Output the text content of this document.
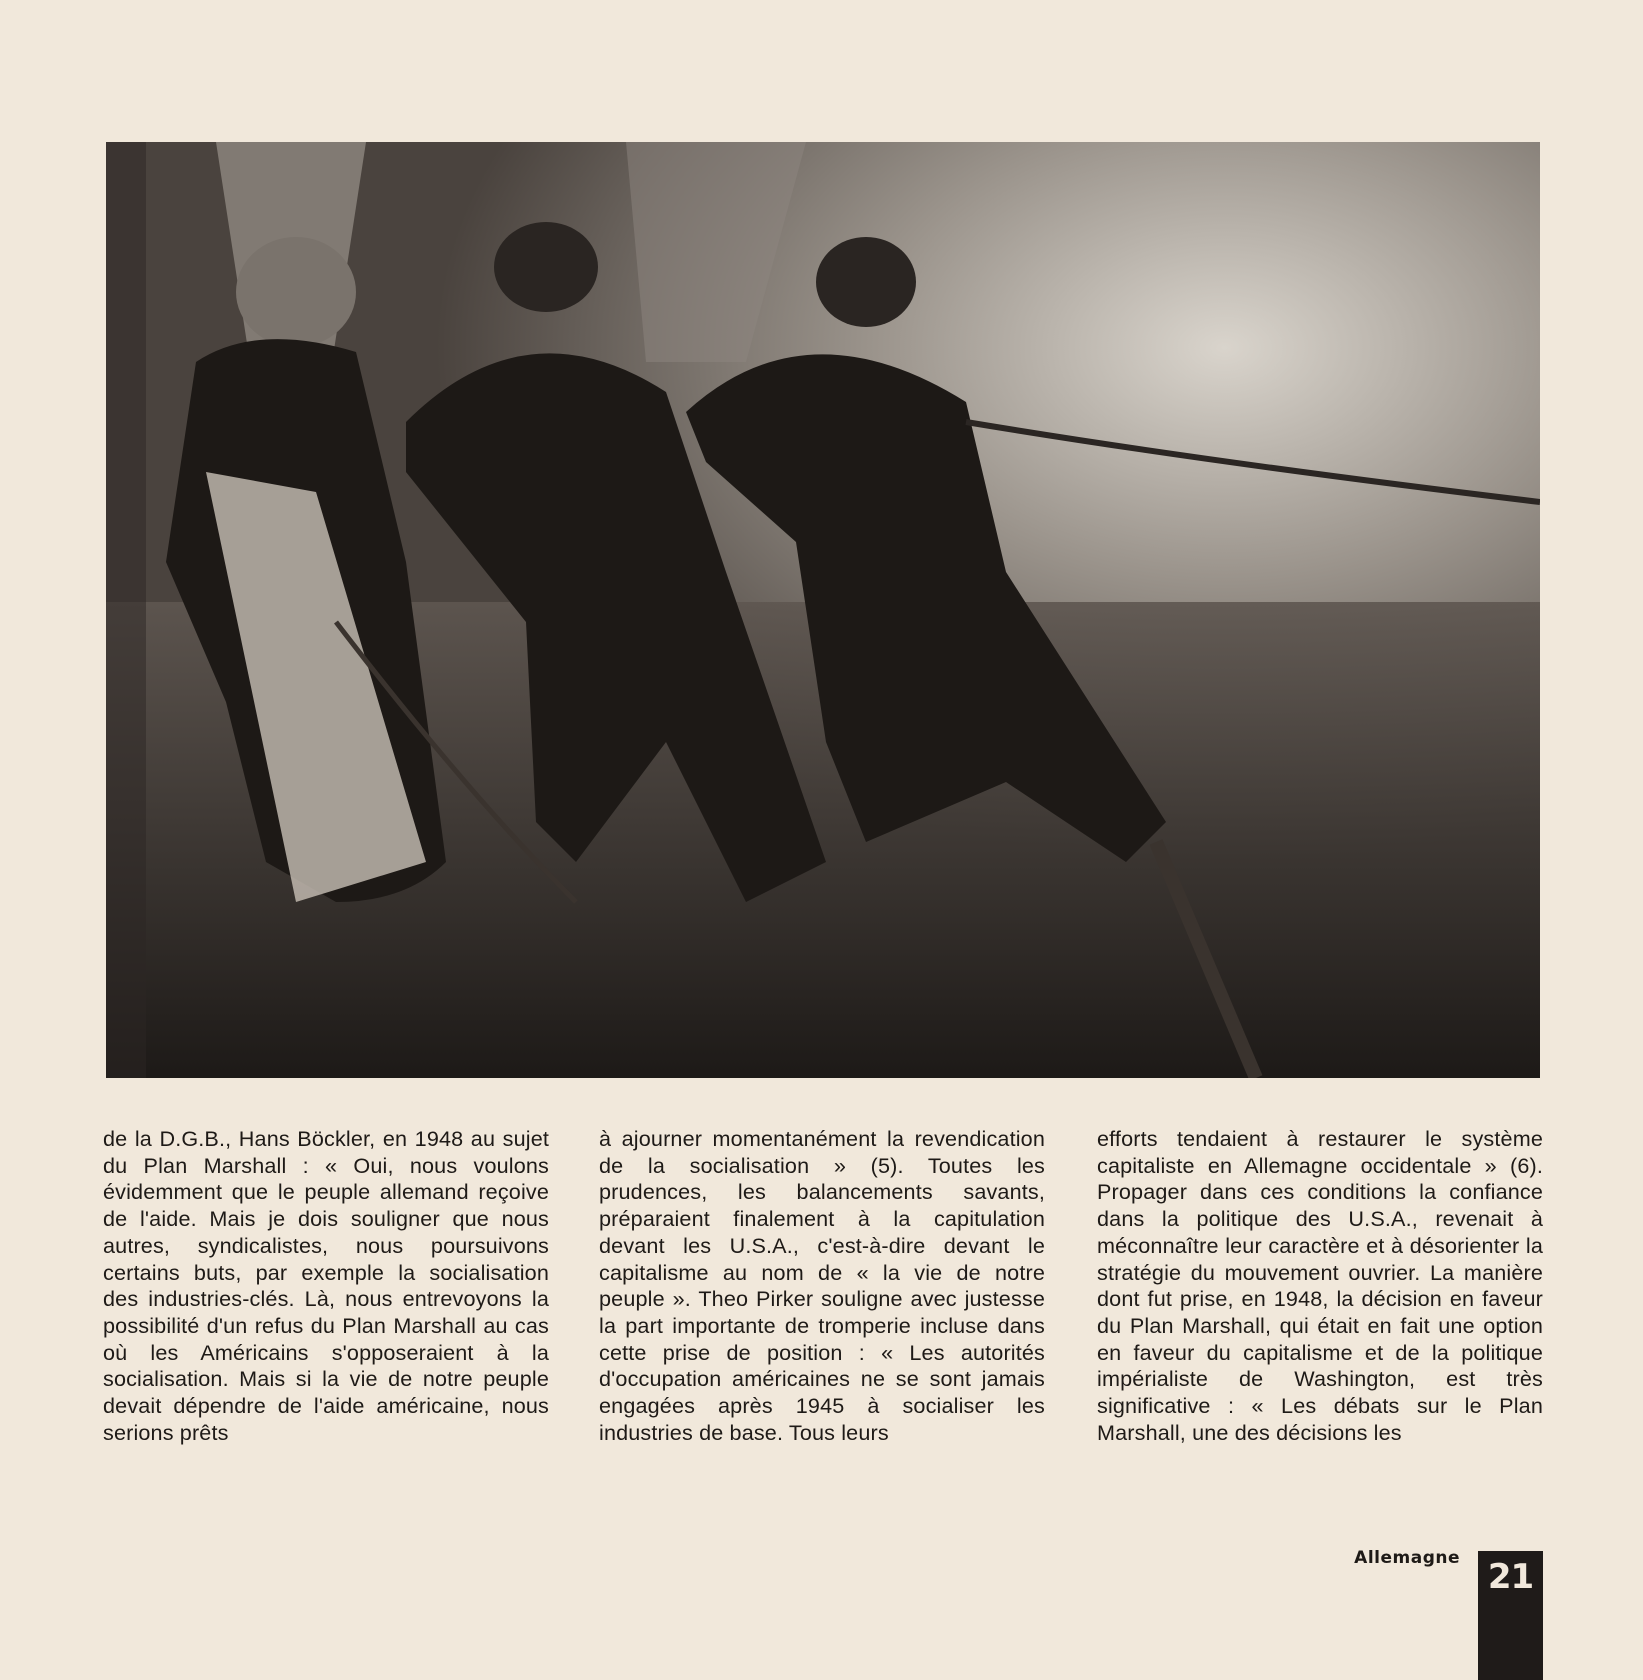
de la D.G.B., Hans Böckler, en 1948 au sujet du Plan Marshall : « Oui, nous voulons évidemment que le peuple allemand reçoive de l'aide. Mais je dois souligner que nous autres, syndicalistes, nous poursuivons certains buts, par exemple la socialisation des industries-clés. Là, nous entrevoyons la possibilité d'un refus du Plan Marshall au cas où les Américains s'opposeraient à la socialisation. Mais si la vie de notre peuple devait dépendre de l'aide américaine, nous serions prêts

à ajourner momentanément la revendication de la socialisation » (5). Toutes les prudences, les balancements savants, préparaient finalement à la capitulation devant les U.S.A., c'est-à-dire devant le capitalisme au nom de « la vie de notre peuple ». Theo Pirker souligne avec justesse la part importante de tromperie incluse dans cette prise de position : « Les autorités d'occupation américaines ne se sont jamais engagées après 1945 à socialiser les industries de base. Tous leurs

efforts tendaient à restaurer le système capitaliste en Allemagne occidentale » (6). Propager dans ces conditions la confiance dans la politique des U.S.A., revenait à méconnaître leur caractère et à désorienter la stratégie du mouvement ouvrier. La manière dont fut prise, en 1948, la décision en faveur du Plan Marshall, qui était en fait une option en faveur du capitalisme et de la politique impérialiste de Washington, est très significative : « Les débats sur le Plan Marshall, une des décisions les

Allemagne 21
